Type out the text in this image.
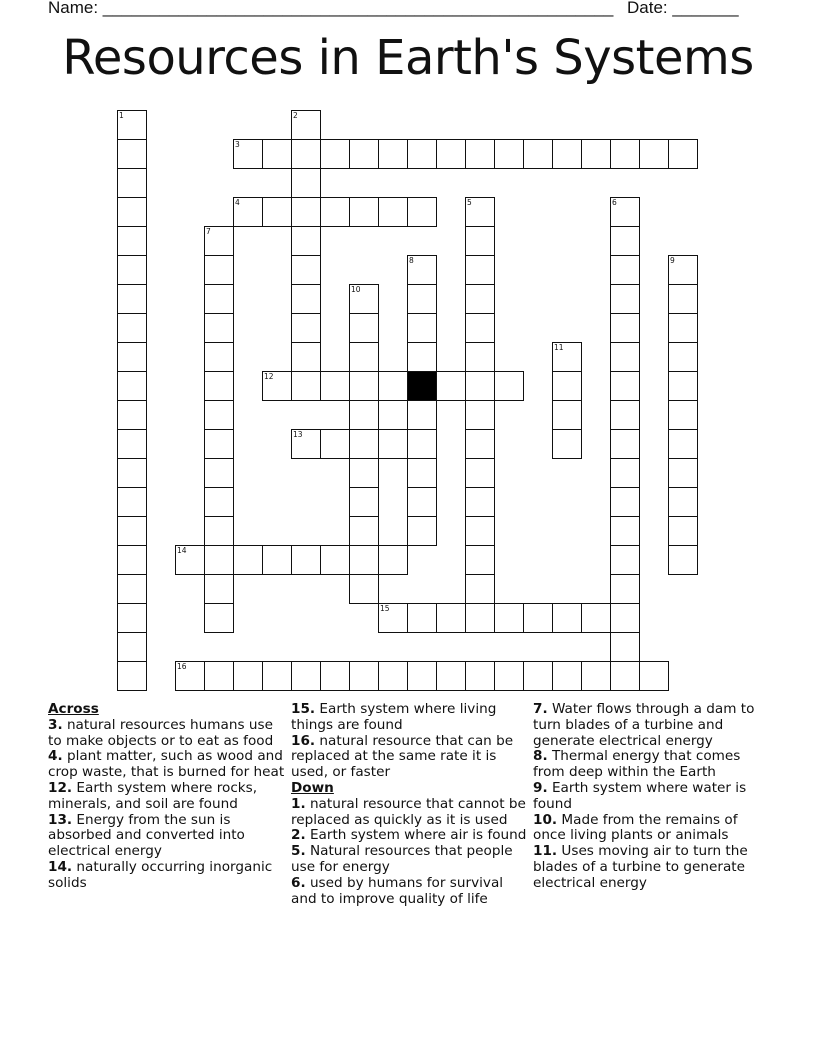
Name: ______________________________________________________ Date: _______
Resources in Earth's Systems
1	2
3
4	5	6
7
8	9
10
11
12
13
14
15
16
Across
3. natural resources humans use to make objects or to eat as food
4. plant matter, such as wood and crop waste, that is burned for heat
12. Earth system where rocks, minerals, and soil are found
13. Energy from the sun is absorbed and converted into electrical energy
14. naturally occurring inorganic solids
15. Earth system where living things are found
16. natural resource that can be replaced at the same rate it is used, or faster
Down
1. natural resource that cannot be replaced as quickly as it is used
2. Earth system where air is found
5. Natural resources that people use for energy
6. used by humans for survival and to improve quality of life
7. Water flows through a dam to turn blades of a turbine and generate electrical energy
8. Thermal energy that comes from deep within the Earth
9. Earth system where water is found
10. Made from the remains of once living plants or animals
11. Uses moving air to turn the blades of a turbine to generate electrical energy
